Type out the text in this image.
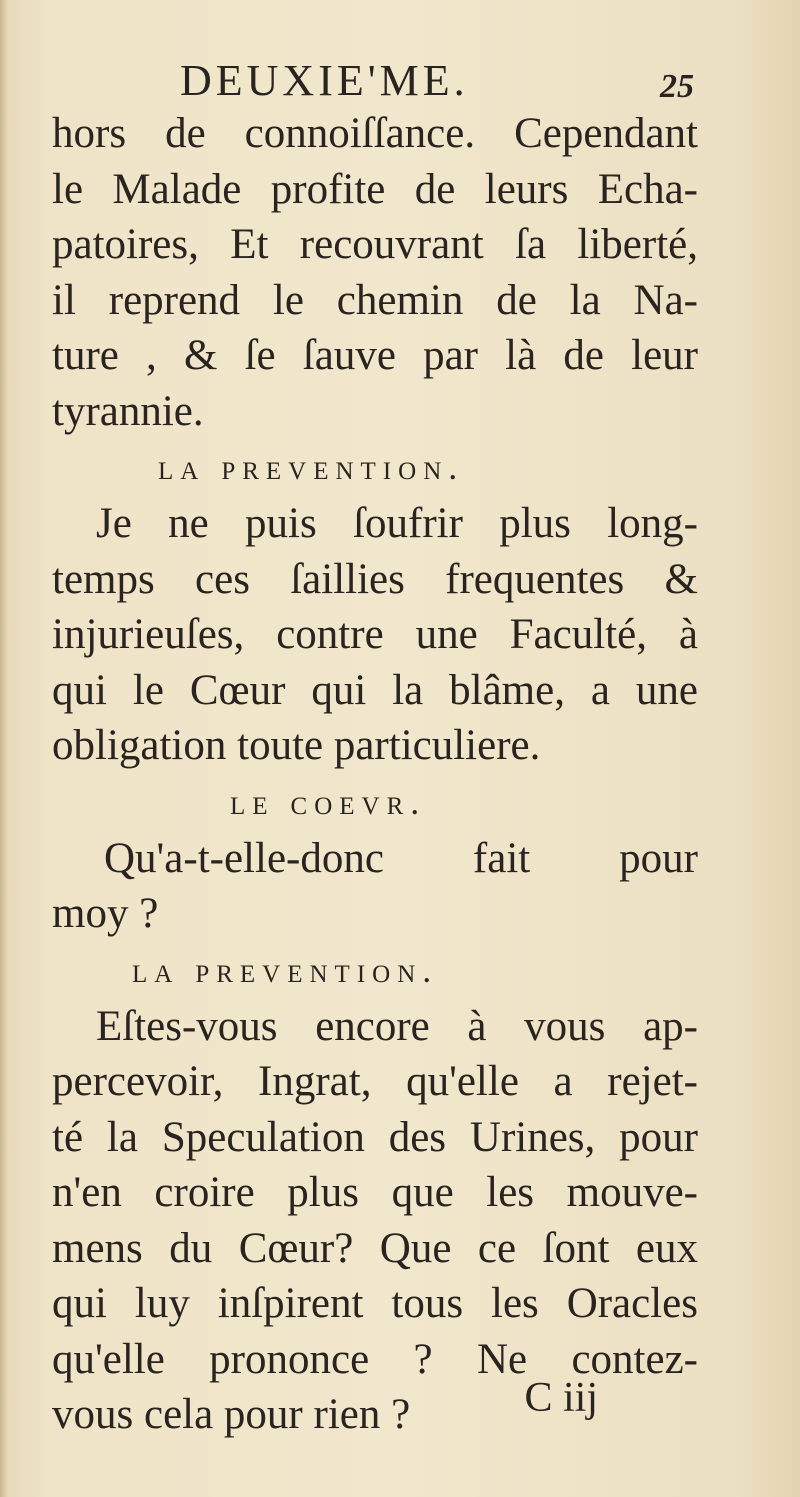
DEUXIE'ME.	25
hors de connoiſſance. Cependant
le Malade profite de leurs Echa-
patoires, Et recouvrant ſa liberté,
il reprend le chemin de la Na-
ture , & ſe ſauve par là de leur
tyrannie.
la prevention.
Je ne puis ſoufrir plus long-
temps ces ſaillies frequentes &
injurieuſes, contre une Faculté, à
qui le Cœur qui la blâme, a une
obligation toute particuliere.
le coevr.
Qu'a-t-elle-donc fait pour
moy ?
la prevention.
Eſtes-vous encore à vous ap-
percevoir, Ingrat, qu'elle a rejet-
té la Speculation des Urines, pour
n'en croire plus que les mouve-
mens du Cœur? Que ce ſont eux
qui luy inſpirent tous les Oracles
qu'elle prononce ? Ne contez-
vous cela pour rien ?	C iij
